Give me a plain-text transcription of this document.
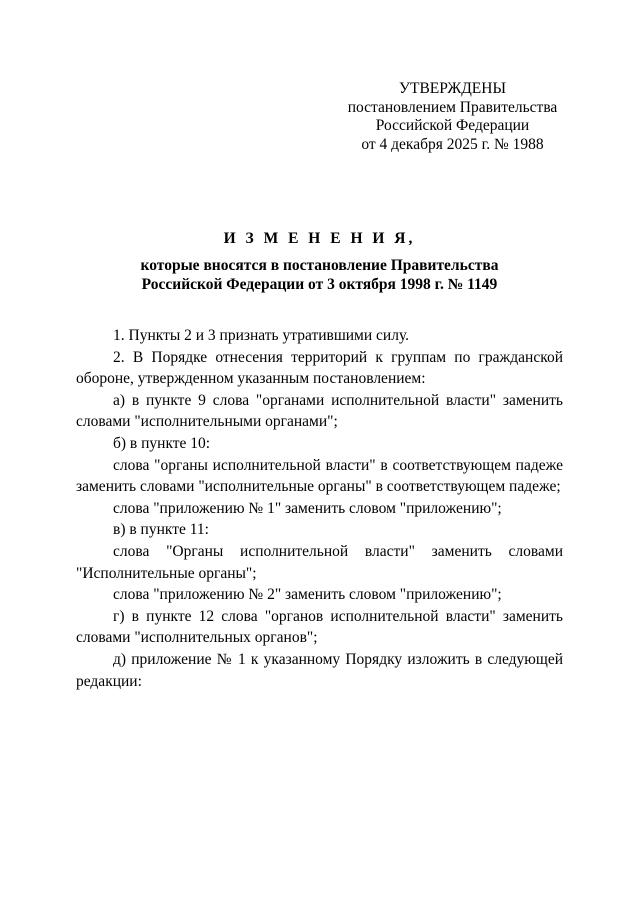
УТВЕРЖДЕНЫ
постановлением Правительства
Российской Федерации
от 4 декабря 2025 г. № 1988
И З М Е Н Е Н И Я,
которые вносятся в постановление Правительства
Российской Федерации от 3 октября 1998 г. № 1149

1. Пункты 2 и 3 признать утратившими силу.

2. В Порядке отнесения территорий к группам по гражданской обороне, утвержденном указанным постановлением:

а) в пункте 9 слова "органами исполнительной власти" заменить словами "исполнительными органами";

б) в пункте 10:

слова "органы исполнительной власти" в соответствующем падеже заменить словами "исполнительные органы" в соответствующем падеже;

слова "приложению № 1" заменить словом "приложению";

в) в пункте 11:

слова "Органы исполнительной власти" заменить словами "Исполнительные органы";

слова "приложению № 2" заменить словом "приложению";

г) в пункте 12 слова "органов исполнительной власти" заменить словами "исполнительных органов";

д) приложение № 1 к указанному Порядку изложить в следующей редакции:
